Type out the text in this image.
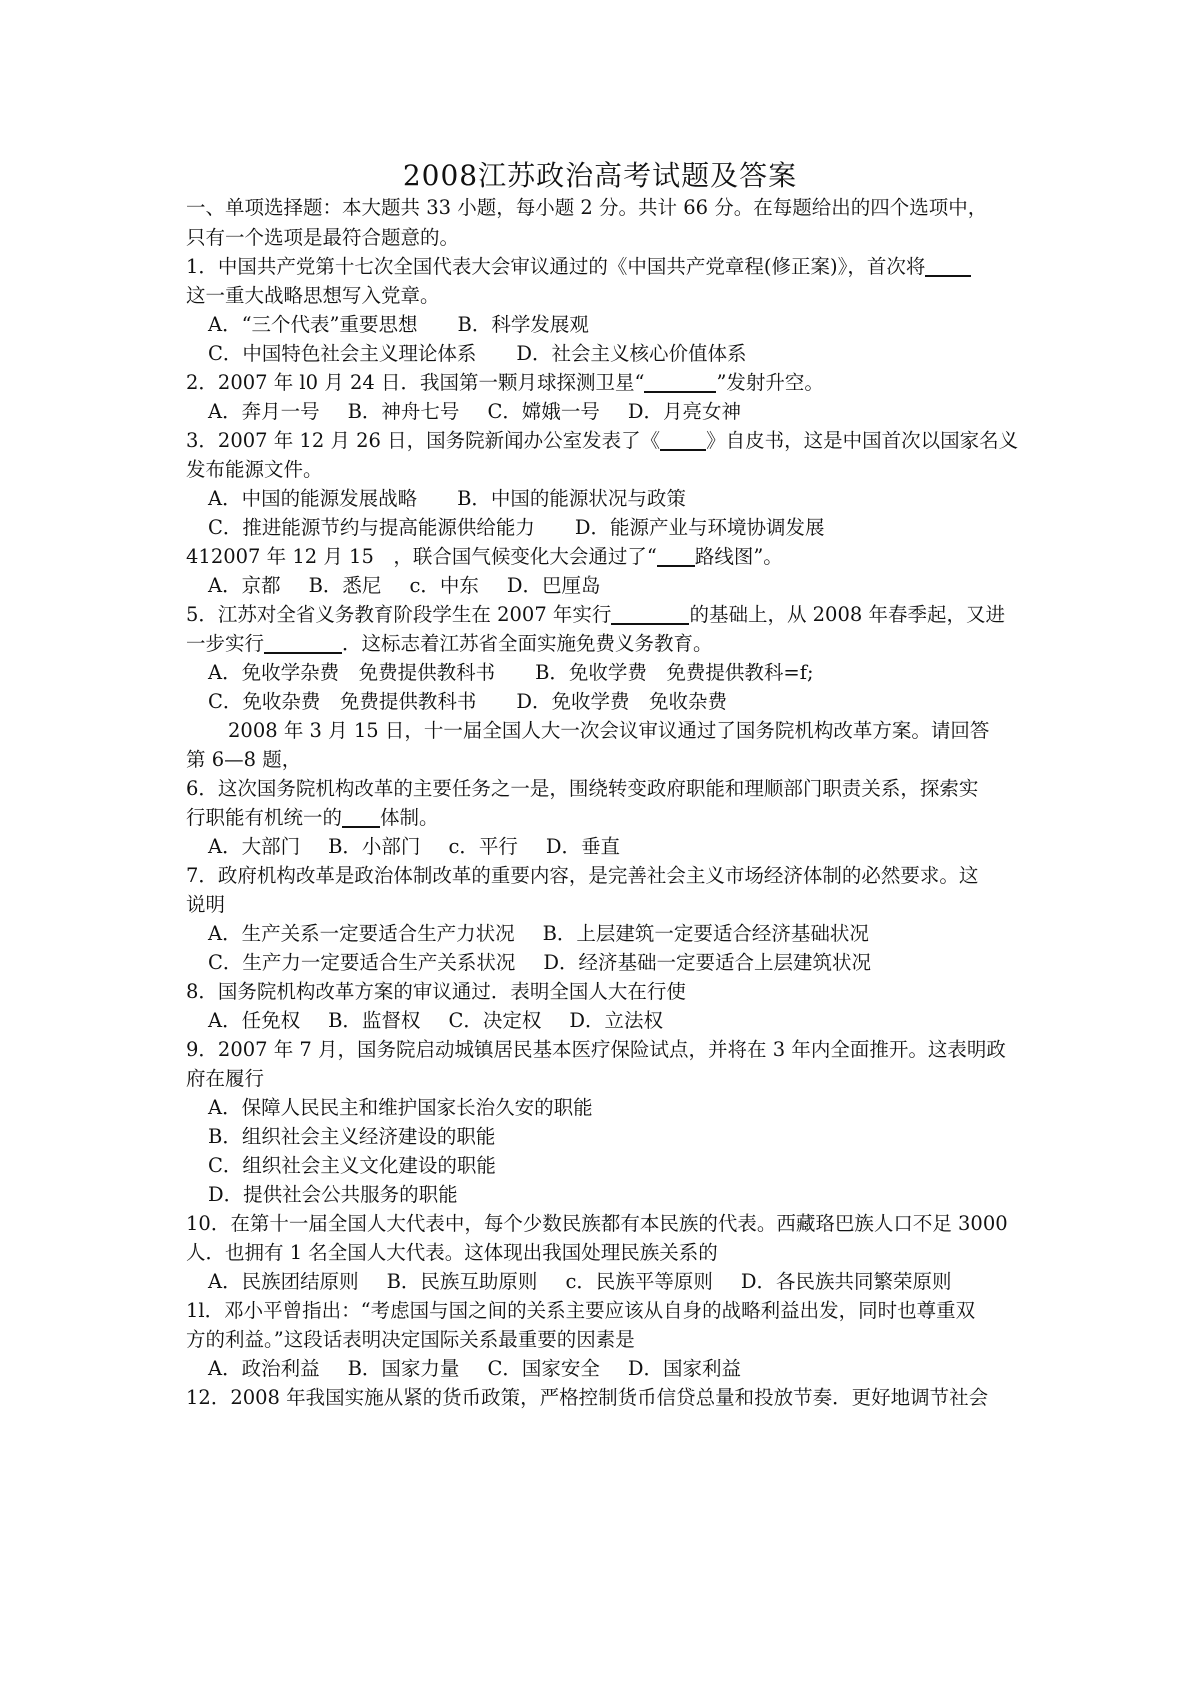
2008江苏政治高考试题及答案
一、单项选择题：本大题共 33 小题，每小题 2 分。共计 66 分。在每题给出的四个选项中，
只有一个选项是最符合题意的。
1．中国共产党第十七次全国代表大会审议通过的《中国共产党章程(修正案)》，首次将
这一重大战略思想写入党章。
A．“三个代表”重要思想 B．科学发展观
C．中国特色社会主义理论体系 D．社会主义核心价值体系
2．2007 年 l0 月 24 日．我国第一颗月球探测卫星“	”发射升空。
A．奔月一号 B．神舟七号 C．嫦娥一号 D．月亮女神
3．2007 年 12 月 26 日，国务院新闻办公室发表了《 》自皮书，这是中国首次以国家名义
发布能源文件。
A．中国的能源发展战略 B．中国的能源状况与政策
C．推进能源节约与提高能源供给能力 D．能源产业与环境协调发展
412007 年 12 月 15　，联合国气候变化大会通过了“ 路线图”。
A．京都 B．悉尼 c．中东 D．巴厘岛
5．江苏对全省义务教育阶段学生在 2007 年实行	的基础上，从 2008 年春季起，又进
一步实行	．这标志着江苏省全面实施免费义务教育。
A．免收学杂费　免费提供教科书 B．免收学费　免费提供教科=f;
C．免收杂费　免费提供教科书 D．免收学费　免收杂费
2008 年 3 月 15 日，十一届全国人大一次会议审议通过了国务院机构改革方案。请回答
第 6—8 题，
6．这次国务院机构改革的主要任务之一是，围绕转变政府职能和理顺部门职责关系，探索实
行职能有机统一的 体制。
A．大部门 B．小部门 c．平行 D．垂直
7．政府机构改革是政治体制改革的重要内容，是完善社会主义市场经济体制的必然要求。这
说明
A．生产关系一定要适合生产力状况 B．上层建筑一定要适合经济基础状况
C．生产力一定要适合生产关系状况 D．经济基础一定要适合上层建筑状况
8．国务院机构改革方案的审议通过．表明全国人大在行使
A．任免权 B．监督权 C．决定权 D．立法权
9．2007 年 7 月，国务院启动城镇居民基本医疗保险试点，并将在 3 年内全面推开。这表明政
府在履行
A．保障人民民主和维护国家长治久安的职能
B．组织社会主义经济建设的职能
C．组织社会主义文化建设的职能
D．提供社会公共服务的职能
10．在第十一届全国人大代表中，每个少数民族都有本民族的代表。西藏珞巴族人口不足 3000
人．也拥有 1 名全国人大代表。这体现出我国处理民族关系的
A．民族团结原则 B．民族互助原则 c．民族平等原则 D．各民族共同繁荣原则
1l．邓小平曾指出：“考虑国与国之间的关系主要应该从自身的战略利益出发，同时也尊重双
方的利益。”这段话表明决定国际关系最重要的因素是
A．政治利益 B．国家力量 C．国家安全 D．国家利益
12．2008 年我国实施从紧的货币政策，严格控制货币信贷总量和投放节奏．更好地调节社会
